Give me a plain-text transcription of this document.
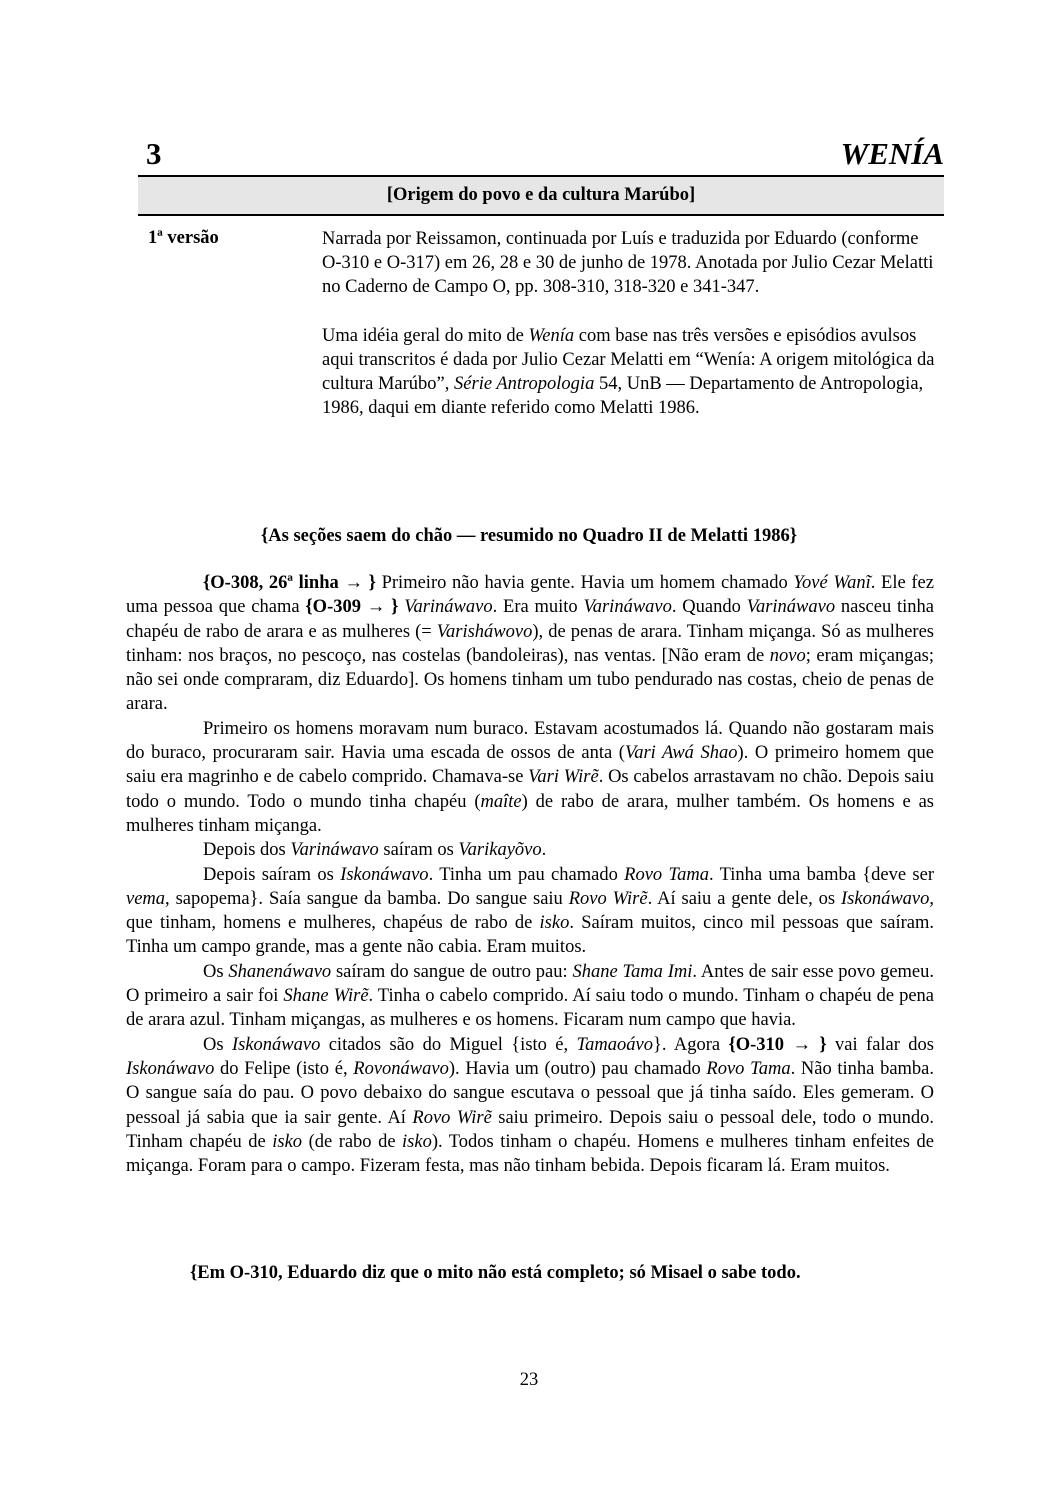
3	WENÍA
[Origem do povo e da cultura Marúbo]
1ª versão	Narrada por Reissamon, continuada por Luís e traduzida por Eduardo (conforme O-310 e O-317) em 26, 28 e 30 de junho de 1978. Anotada por Julio Cezar Melatti no Caderno de Campo O, pp. 308-310, 318-320 e 341-347.

Uma idéia geral do mito de Wenía com base nas três versões e episódios avulsos aqui transcritos é dada por Julio Cezar Melatti em “Wenía: A origem mitológica da cultura Marúbo”, Série Antropologia 54, UnB — Departamento de Antropologia, 1986, daqui em diante referido como Melatti 1986.

{As seções saem do chão — resumido no Quadro II de Melatti 1986}

{O-308, 26ª linha → } Primeiro não havia gente. Havia um homem chamado Yové Wanĩ. Ele fez uma pessoa que chama {O-309 → } Varináwavo. Era muito Varináwavo. Quando Varináwavo nasceu tinha chapéu de rabo de arara e as mulheres (= Varisháwovo), de penas de arara. Tinham miçanga. Só as mulheres tinham: nos braços, no pescoço, nas costelas (bandoleiras), nas ventas. [Não eram de novo; eram miçangas; não sei onde compraram, diz Eduardo]. Os homens tinham um tubo pendurado nas costas, cheio de penas de arara.

Primeiro os homens moravam num buraco. Estavam acostumados lá. Quando não gostaram mais do buraco, procuraram sair. Havia uma escada de ossos de anta (Vari Awá Shao). O primeiro homem que saiu era magrinho e de cabelo comprido. Chamava-se Vari Wirẽ. Os cabelos arrastavam no chão. Depois saiu todo o mundo. Todo o mundo tinha chapéu (maîte) de rabo de arara, mulher também. Os homens e as mulheres tinham miçanga.

Depois dos Varináwavo saíram os Varikayõvo.

Depois saíram os Iskonáwavo. Tinha um pau chamado Rovo Tama. Tinha uma bamba {deve ser vema, sapopema}. Saía sangue da bamba. Do sangue saiu Rovo Wirẽ. Aí saiu a gente dele, os Iskonáwavo, que tinham, homens e mulheres, chapéus de rabo de isko. Saíram muitos, cinco mil pessoas que saíram. Tinha um campo grande, mas a gente não cabia. Eram muitos.

Os Shanenáwavo saíram do sangue de outro pau: Shane Tama Imi. Antes de sair esse povo gemeu. O primeiro a sair foi Shane Wirẽ. Tinha o cabelo comprido. Aí saiu todo o mundo. Tinham o chapéu de pena de arara azul. Tinham miçangas, as mulheres e os homens. Ficaram num campo que havia.

Os Iskonáwavo citados são do Miguel {isto é, Tamaoávo}. Agora {O-310 → } vai falar dos Iskonáwavo do Felipe (isto é, Rovonáwavo). Havia um (outro) pau chamado Rovo Tama. Não tinha bamba. O sangue saía do pau. O povo debaixo do sangue escutava o pessoal que já tinha saído. Eles gemeram. O pessoal já sabia que ia sair gente. Aí Rovo Wirẽ saiu primeiro. Depois saiu o pessoal dele, todo o mundo. Tinham chapéu de isko (de rabo de isko). Todos tinham o chapéu. Homens e mulheres tinham enfeites de miçanga. Foram para o campo. Fizeram festa, mas não tinham bebida. Depois ficaram lá. Eram muitos.

{Em O-310, Eduardo diz que o mito não está completo; só Misael o sabe todo.
23
